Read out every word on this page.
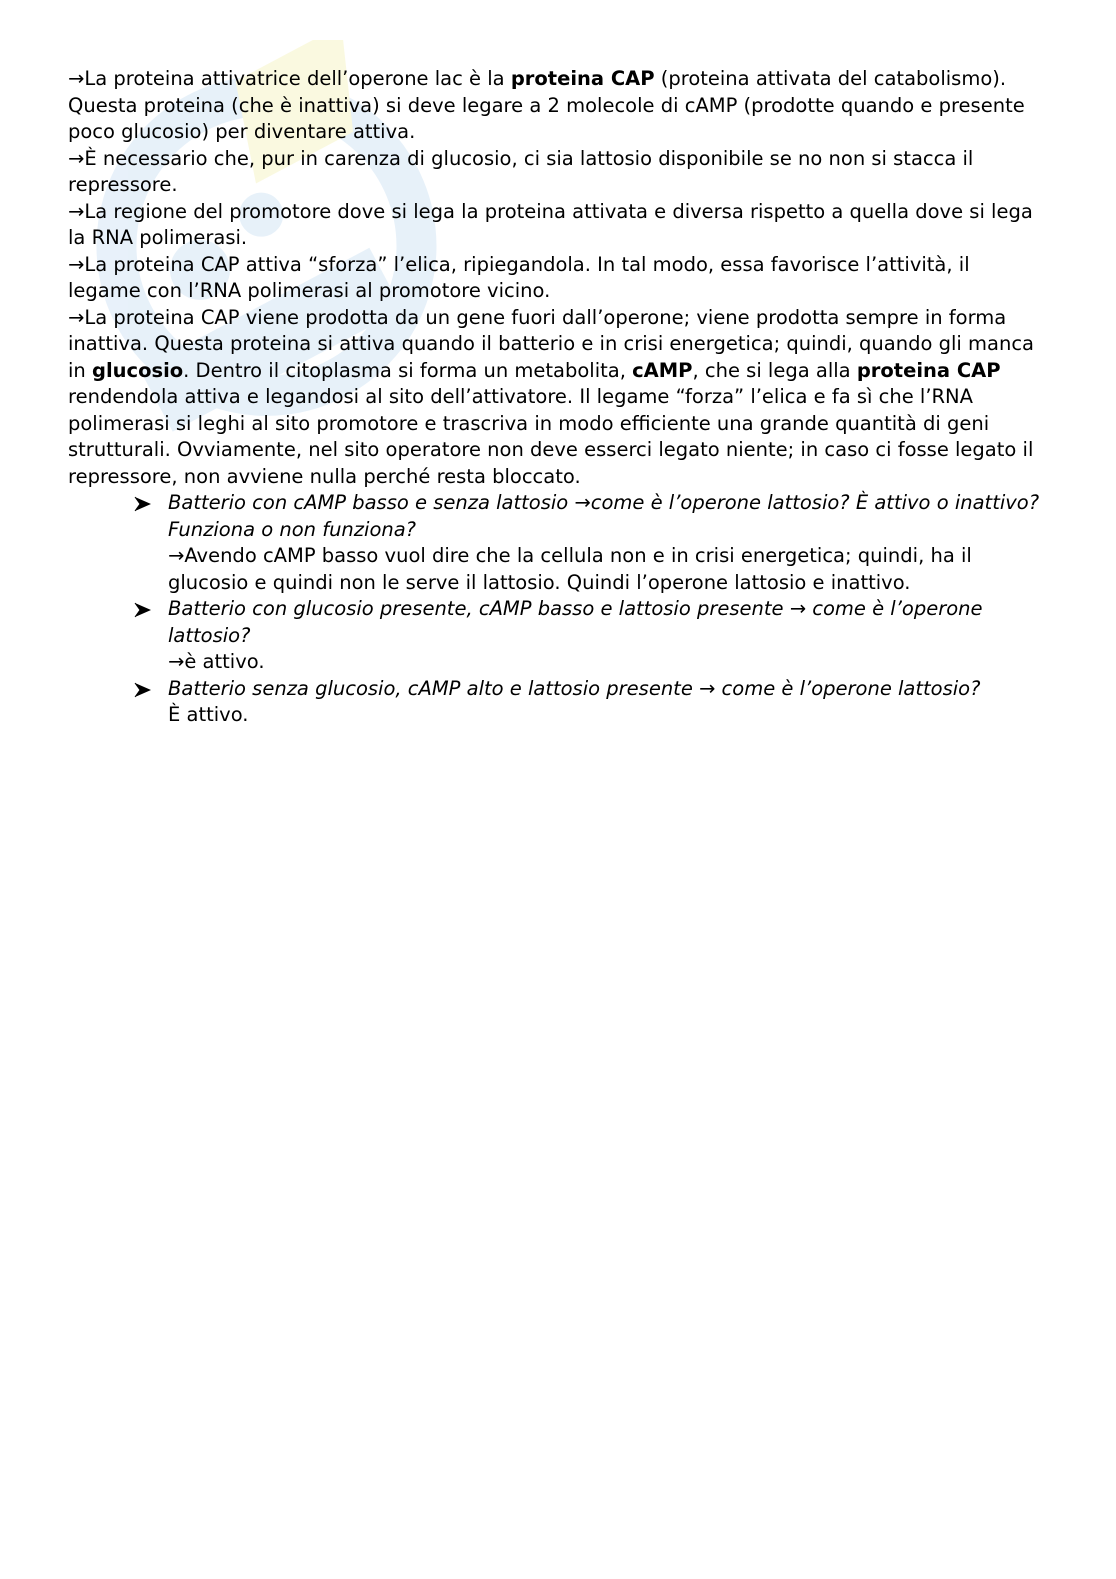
→La proteina attivatrice dell’operone lac è la proteina CAP (proteina attivata del catabolismo). Questa proteina (che è inattiva) si deve legare a 2 molecole di cAMP (prodotte quando e presente poco glucosio) per diventare attiva.

→È necessario che, pur in carenza di glucosio, ci sia lattosio disponibile se no non si stacca il repressore.

→La regione del promotore dove si lega la proteina attivata e diversa rispetto a quella dove si lega la RNA polimerasi.

→La proteina CAP attiva “sforza” l’elica, ripiegandola. In tal modo, essa favorisce l’attività, il legame con l’RNA polimerasi al promotore vicino.

→La proteina CAP viene prodotta da un gene fuori dall’operone; viene prodotta sempre in forma inattiva. Questa proteina si attiva quando il batterio e in crisi energetica; quindi, quando gli manca in glucosio. Dentro il citoplasma si forma un metabolita, cAMP, che si lega alla proteina CAP rendendola attiva e legandosi al sito dell’attivatore. Il legame “forza” l’elica e fa sì che l’RNA polimerasi si leghi al sito promotore e trascriva in modo efficiente una grande quantità di geni strutturali. Ovviamente, nel sito operatore non deve esserci legato niente; in caso ci fosse legato il repressore, non avviene nulla perché resta bloccato.

Batterio con cAMP basso e senza lattosio →come è l’operone lattosio? È attivo o inattivo? Funziona o non funziona?
→Avendo cAMP basso vuol dire che la cellula non e in crisi energetica; quindi, ha il glucosio e quindi non le serve il lattosio. Quindi l’operone lattosio e inattivo.
Batterio con glucosio presente, cAMP basso e lattosio presente → come è l’operone lattosio?
→è attivo.
Batterio senza glucosio, cAMP alto e lattosio presente → come è l’operone lattosio?
È attivo.
